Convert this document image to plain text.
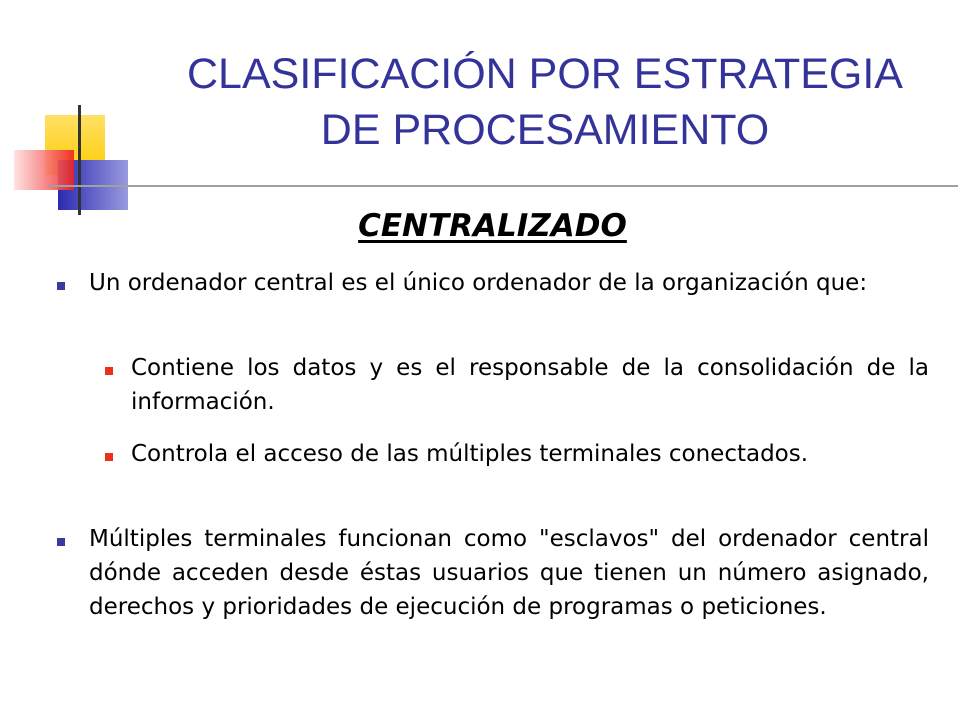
CLASIFICACIÓN POR ESTRATEGIA
DE PROCESAMIENTO
CENTRALIZADO
Un ordenador central es el único ordenador de la organización que:
Contiene los datos y es el responsable de la consolidación de la información.
Controla el acceso de las múltiples terminales conectados.
Múltiples terminales funcionan como "esclavos" del ordenador central dónde acceden desde éstas usuarios que tienen un número asignado, derechos y prioridades de ejecución de programas o peticiones.
